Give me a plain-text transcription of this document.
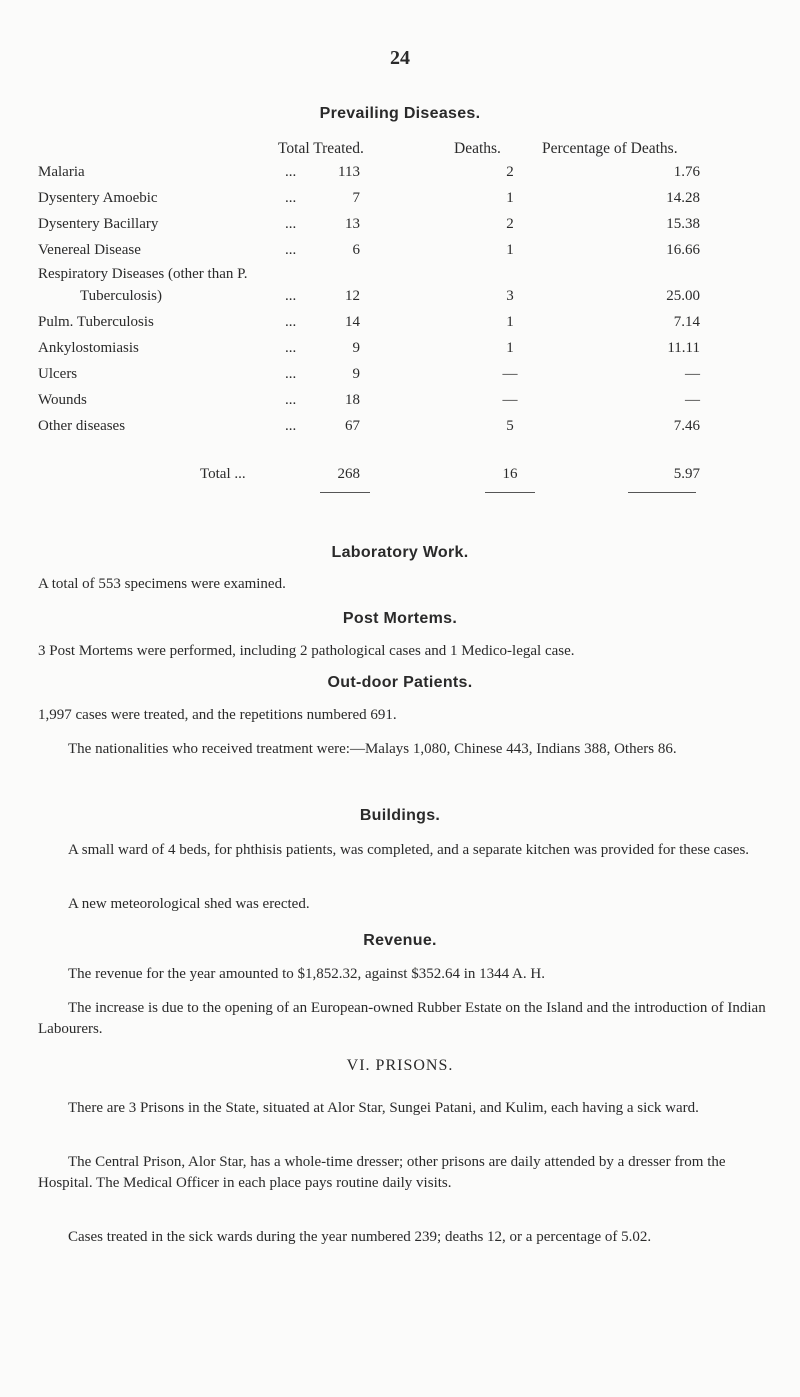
24
Prevailing Diseases.
Total Treated.	Deaths.	Percentage of Deaths.
Malaria	...	113	2	1.76
Dysentery Amoebic	...	7	1	14.28
Dysentery Bacillary	...	13	2	15.38
Venereal Disease	...	6	1	16.66
Respiratory Diseases (other than P.
Tuberculosis)	...	12	3	25.00
Pulm. Tuberculosis	...	14	1	7.14
Ankylostomiasis	...	9	1	11.11
Ulcers	...	9	—	—
Wounds	...	18	—	—
Other diseases	...	67	5	7.46
Total ...	268	16	5.97
Laboratory Work.
A total of 553 specimens were examined.
Post Mortems.
3 Post Mortems were performed, including 2 pathological cases and 1 Medico-legal case.
Out-door Patients.
1,997 cases were treated, and the repetitions numbered 691.
The nationalities who received treatment were:—Malays 1,080, Chinese 443, Indians 388, Others 86.
Buildings.
A small ward of 4 beds, for phthisis patients, was completed, and a separate kitchen was provided for these cases.
A new meteorological shed was erected.
Revenue.
The revenue for the year amounted to $1,852.32, against $352.64 in 1344 A. H.
The increase is due to the opening of an European-owned Rubber Estate on the Island and the introduction of Indian Labourers.
VI. PRISONS.
There are 3 Prisons in the State, situated at Alor Star, Sungei Patani, and Kulim, each having a sick ward.
The Central Prison, Alor Star, has a whole-time dresser; other prisons are daily attended by a dresser from the Hospital. The Medical Officer in each place pays routine daily visits.
Cases treated in the sick wards during the year numbered 239; deaths 12, or a percentage of 5.02.
